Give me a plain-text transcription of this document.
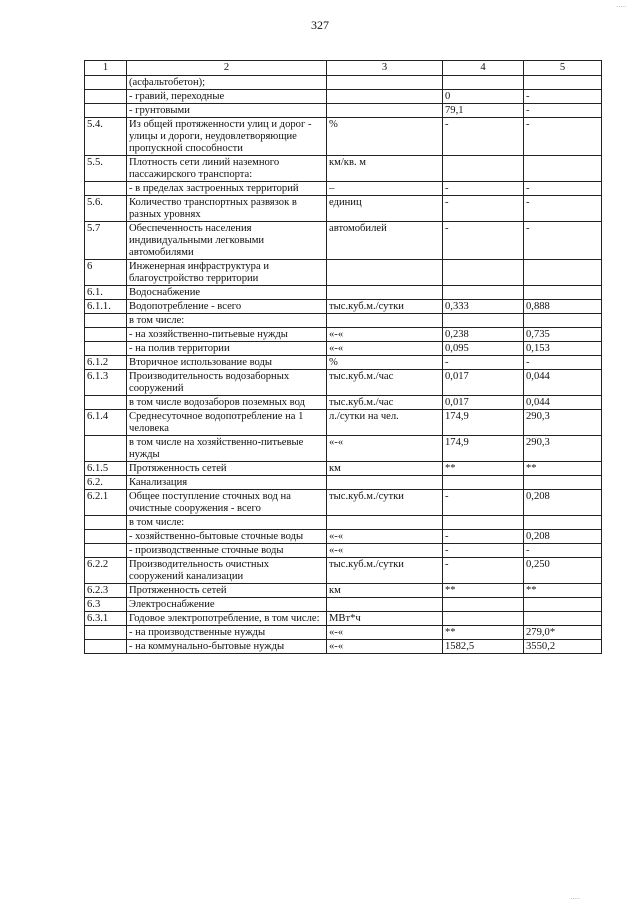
327
.....
1	2	3	4	5
	(асфальтобетон);			
	- гравий, переходные		0	-
	- грунтовыми		79,1	-
5.4.	Из общей протяженности улиц и дорог - улицы и дороги, неудовлетворяющие пропускной способности	%	-	-
5.5.	Плотность сети линий наземного пассажирского транспорта:	км/кв. м		
	- в пределах застроенных территорий	–	-	-
5.6.	Количество транспортных развязок в разных уровнях	единиц	-	-
5.7	Обеспеченность населения индивидуальными легковыми автомобилями	автомобилей	-	-
6	Инженерная инфраструктура и благоустройство территории			
6.1.	Водоснабжение			
6.1.1.	Водопотребление - всего	тыс.куб.м./сутки	0,333	0,888
	в том числе:			
	- на хозяйственно-питьевые нужды	«-«	0,238	0,735
	- на полив территории	«-«	0,095	0,153
6.1.2	Вторичное использование воды	%	-	-
6.1.3	Производительность водозаборных сооружений	тыс.куб.м./час	0,017	0,044
	в том числе водозаборов поземных вод	тыс.куб.м./час	0,017	0,044
6.1.4	Среднесуточное водопотребление на 1 человека	л./сутки на чел.	174,9	290,3
	в том числе на хозяйственно-питьевые нужды	«-«	174,9	290,3
6.1.5	Протяженность сетей	км	**	**
6.2.	Канализация			
6.2.1	Общее поступление сточных вод на очистные сооружения - всего	тыс.куб.м./сутки	-	0,208
	в том числе:			
	- хозяйственно-бытовые сточные воды	«-«	-	0,208
	- производственные сточные воды	«-«	-	-
6.2.2	Производительность очистных сооружений канализации	тыс.куб.м./сутки	-	0,250
6.2.3	Протяженность сетей	км	**	**
6.3	Электроснабжение			
6.3.1	Годовое электропотребление, в том числе:	МВт*ч		
	- на производственные нужды	«-«	**	279,0*
	- на коммунально-бытовые нужды	«-«	1582,5	3550,2
.....
